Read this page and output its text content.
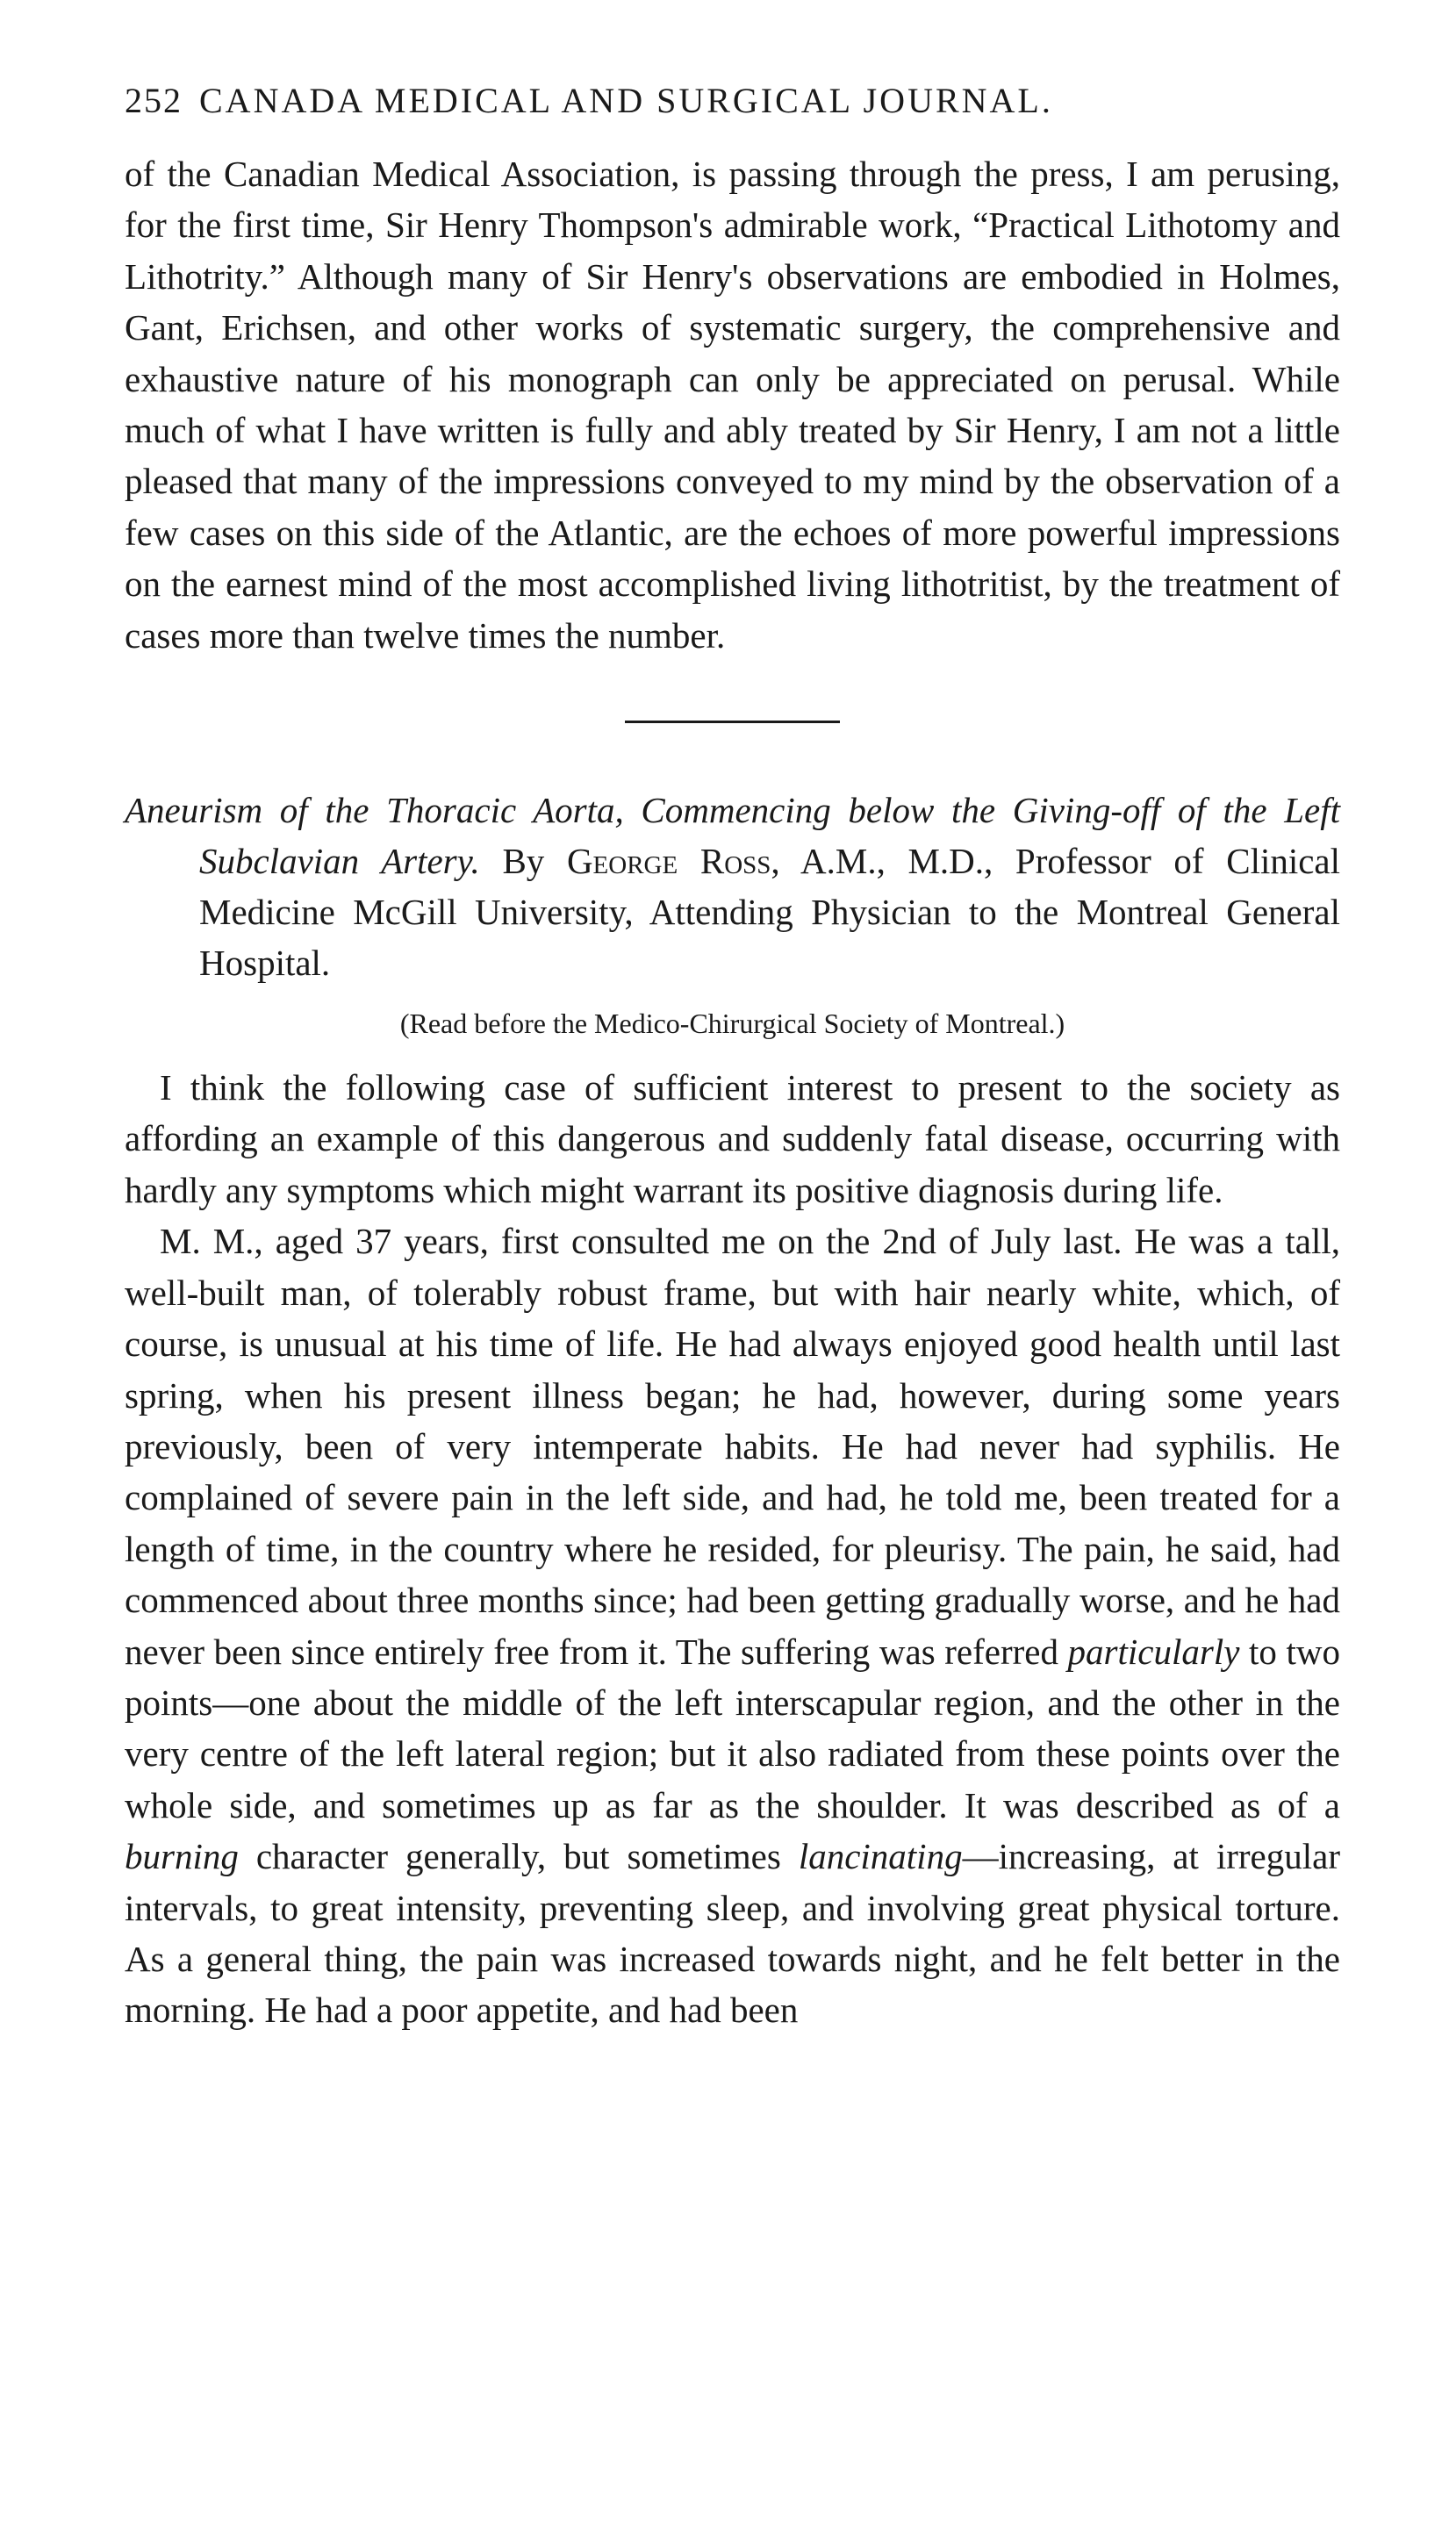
252 CANADA MEDICAL AND SURGICAL JOURNAL.

of the Canadian Medical Association, is passing through the press, I am perusing, for the first time, Sir Henry Thompson's admirable work, “Practical Lithotomy and Lithotrity.” Although many of Sir Henry's observations are embodied in Holmes, Gant, Erichsen, and other works of systematic surgery, the comprehensive and exhaustive nature of his monograph can only be appreciated on perusal. While much of what I have written is fully and ably treated by Sir Henry, I am not a little pleased that many of the impressions conveyed to my mind by the observation of a few cases on this side of the Atlantic, are the echoes of more powerful impressions on the earnest mind of the most accomplished living lithotritist, by the treatment of cases more than twelve times the number.

Aneurism of the Thoracic Aorta, Commencing below the Giving-off of the Left Subclavian Artery. By George Ross, A.M., M.D., Professor of Clinical Medicine McGill University, Attending Physician to the Montreal General Hospital.

(Read before the Medico-Chirurgical Society of Montreal.)

I think the following case of sufficient interest to present to the society as affording an example of this dangerous and suddenly fatal disease, occurring with hardly any symptoms which might warrant its positive diagnosis during life.

M. M., aged 37 years, first consulted me on the 2nd of July last. He was a tall, well-built man, of tolerably robust frame, but with hair nearly white, which, of course, is unusual at his time of life. He had always enjoyed good health until last spring, when his present illness began; he had, however, during some years previously, been of very intemperate habits. He had never had syphilis. He complained of severe pain in the left side, and had, he told me, been treated for a length of time, in the country where he resided, for pleurisy. The pain, he said, had commenced about three months since; had been getting gradually worse, and he had never been since entirely free from it. The suffering was referred particularly to two points—one about the middle of the left interscapular region, and the other in the very centre of the left lateral region; but it also radiated from these points over the whole side, and sometimes up as far as the shoulder. It was described as of a burning character generally, but sometimes lancinating—increasing, at irregular intervals, to great intensity, preventing sleep, and involving great physical torture. As a general thing, the pain was increased towards night, and he felt better in the morning. He had a poor appetite, and had been
